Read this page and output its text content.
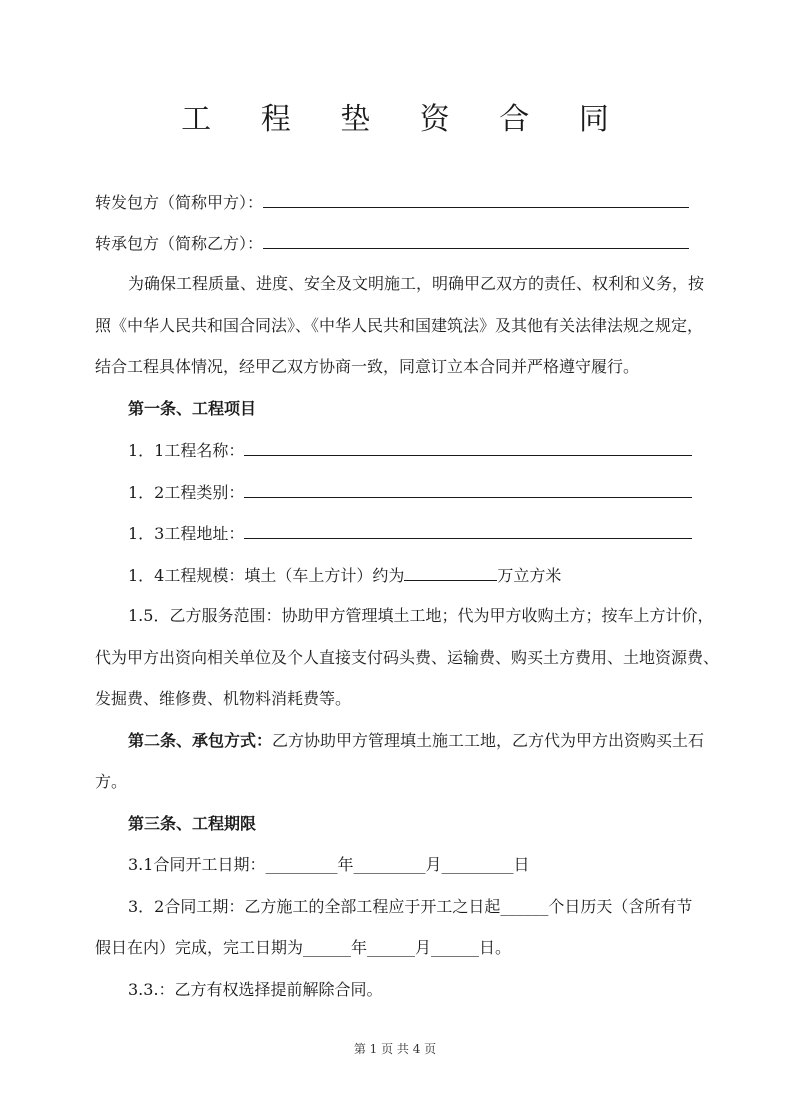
工 程 垫 资 合 同
转发包方（简称甲方）：
转承包方（简称乙方）：
为确保工程质量、进度、安全及文明施工，明确甲乙双方的责任、权利和义务，按
照《中华人民共和国合同法》、《中华人民共和国建筑法》及其他有关法律法规之规定，
结合工程具体情况，经甲乙双方协商一致，同意订立本合同并严格遵守履行。
第一条、工程项目
1．1工程名称：
1．2工程类别：
1．3工程地址：
1．4工程规模：填土（车上方计）约为	万立方米
1.5．乙方服务范围：协助甲方管理填土工地；代为甲方收购土方；按车上方计价，
代为甲方出资向相关单位及个人直接支付码头费、运输费、购买土方费用、土地资源费、
发掘费、维修费、机物料消耗费等。
第二条、承包方式：乙方协助甲方管理填土施工工地，乙方代为甲方出资购买土石
方。
第三条、工程期限
3.1合同开工日期：_________年_________月_________日
3．2合同工期：乙方施工的全部工程应于开工之日起______个日历天（含所有节
假日在内）完成，完工日期为______年______月______日。
3.3.：乙方有权选择提前解除合同。
第 1 页 共 4 页
